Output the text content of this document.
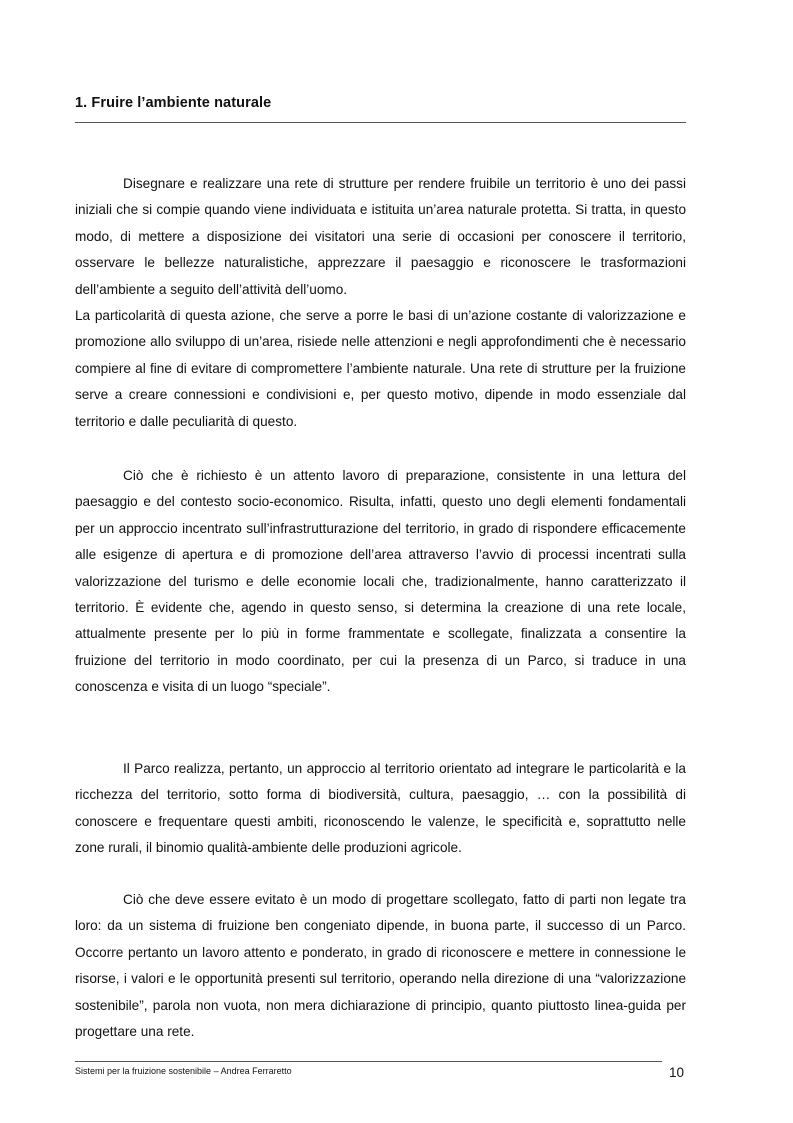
1. Fruire l’ambiente naturale

Disegnare e realizzare una rete di strutture per rendere fruibile un territorio è uno dei passi iniziali che si compie quando viene individuata e istituita un’area naturale protetta. Si tratta, in questo modo, di mettere a disposizione dei visitatori una serie di occasioni per conoscere il territorio, osservare le bellezze naturalistiche, apprezzare il paesaggio e riconoscere le trasformazioni dell’ambiente a seguito dell’attività dell’uomo.

La particolarità di questa azione, che serve a porre le basi di un’azione costante di valorizzazione e promozione allo sviluppo di un’area, risiede nelle attenzioni e negli approfondimenti che è necessario compiere al fine di evitare di compromettere l’ambiente naturale. Una rete di strutture per la fruizione serve a creare connessioni e condivisioni e, per questo motivo, dipende in modo essenziale dal territorio e dalle peculiarità di questo.

Ciò che è richiesto è un attento lavoro di preparazione, consistente in una lettura del paesaggio e del contesto socio-economico. Risulta, infatti, questo uno degli elementi fondamentali per un approccio incentrato sull’infrastrutturazione del territorio, in grado di rispondere efficacemente alle esigenze di apertura e di promozione dell’area attraverso l’avvio di processi incentrati sulla valorizzazione del turismo e delle economie locali che, tradizionalmente, hanno caratterizzato il territorio. È evidente che, agendo in questo senso, si determina la creazione di una rete locale, attualmente presente per lo più in forme frammentate e scollegate, finalizzata a consentire la fruizione del territorio in modo coordinato, per cui la presenza di un Parco, si traduce in una conoscenza e visita di un luogo “speciale”.

Il Parco realizza, pertanto, un approccio al territorio orientato ad integrare le particolarità e la ricchezza del territorio, sotto forma di biodiversità, cultura, paesaggio, … con la possibilità di conoscere e frequentare questi ambiti, riconoscendo le valenze, le specificità e, soprattutto nelle zone rurali, il binomio qualità-ambiente delle produzioni agricole.

Ciò che deve essere evitato è un modo di progettare scollegato, fatto di parti non legate tra loro: da un sistema di fruizione ben congeniato dipende, in buona parte, il successo di un Parco. Occorre pertanto un lavoro attento e ponderato, in grado di riconoscere e mettere in connessione le risorse, i valori e le opportunità presenti sul territorio, operando nella direzione di una “valorizzazione sostenibile”, parola non vuota, non mera dichiarazione di principio, quanto piuttosto linea-guida per progettare una rete.

Sistemi per la fruizione sostenibile – Andrea Ferraretto	10
